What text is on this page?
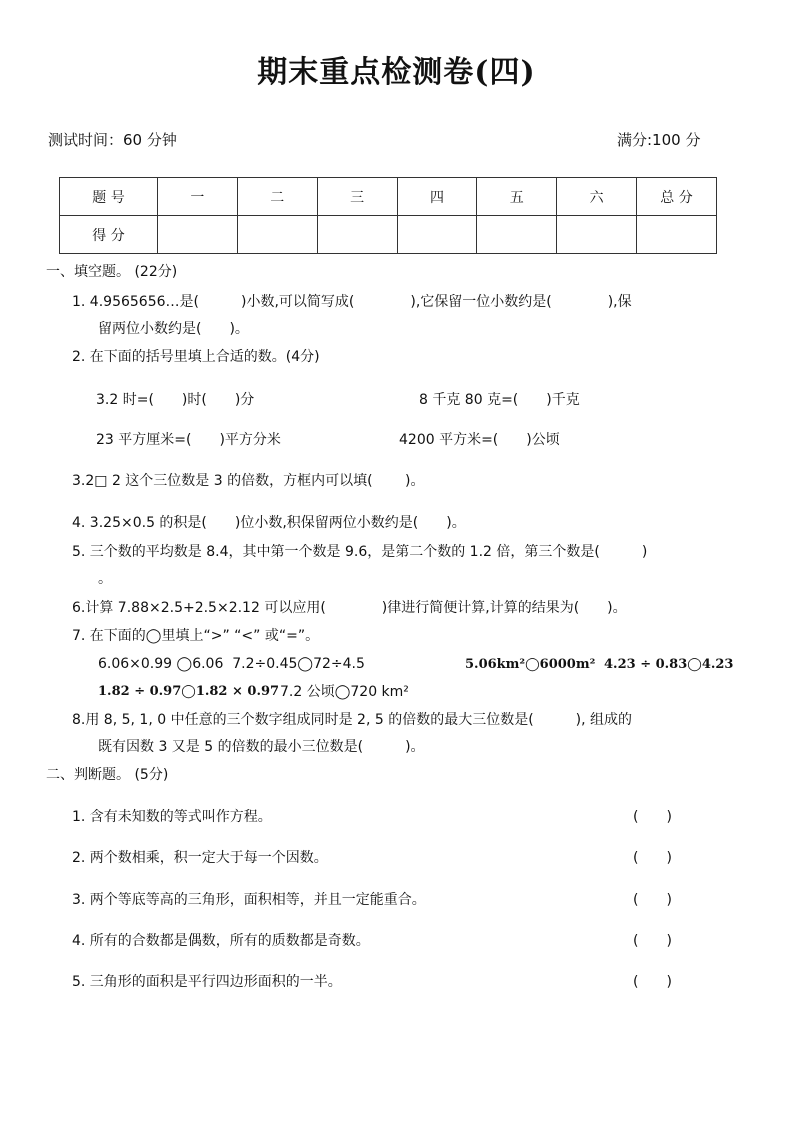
期末重点检测卷(四)
测试时间：60 分钟	满分:100 分
题 号	一	二	三	四	五	六	总 分
得 分							
一、填空题。 (22分)
1. 4.9565656…是(　　　)小数,可以简写成(　　　　),它保留一位小数约是(　　　　),保
留两位小数约是(　　)。
2. 在下面的括号里填上合适的数。(4分)
3.2 时=(　　)时(　　)分	8 千克 80 克=(　　)千克
23 平方厘米=(　　)平方分米	4200 平方米=(　　)公顷
3.2□ 2 这个三位数是 3 的倍数，方框内可以填(　　 )。
4. 3.25×0.5 的积是(　　)位小数,积保留两位小数约是(　　)。
5. 三个数的平均数是 8.4，其中第一个数是 9.6，是第二个数的 1.2 倍，第三个数是(　　　)
。
6.计算 7.88×2.5+2.5×2.12 可以应用(　　　　)律进行简便计算,计算的结果为(　　)。
7. 在下面的◯里填上“>” “<” 或“=”。
6.06×0.99 ◯6.06  7.2÷0.45◯72÷4.5	5.06km²◯6000m² 4.23 ÷ 0.83◯4.23
1.82 ÷ 0.97◯1.82 × 0.97 7.2 公顷◯720 km²
8.用 8, 5, 1, 0 中任意的三个数字组成同时是 2, 5 的倍数的最大三位数是(　　　), 组成的
既有因数 3 又是 5 的倍数的最小三位数是(　　　)。
二、判断题。 (5分)
1. 含有未知数的等式叫作方程。	(　　)
2. 两个数相乘，积一定大于每一个因数。	(　　)
3. 两个等底等高的三角形，面积相等，并且一定能重合。	(　　)
4. 所有的合数都是偶数，所有的质数都是奇数。	(　　)
5. 三角形的面积是平行四边形面积的一半。	(　　)
